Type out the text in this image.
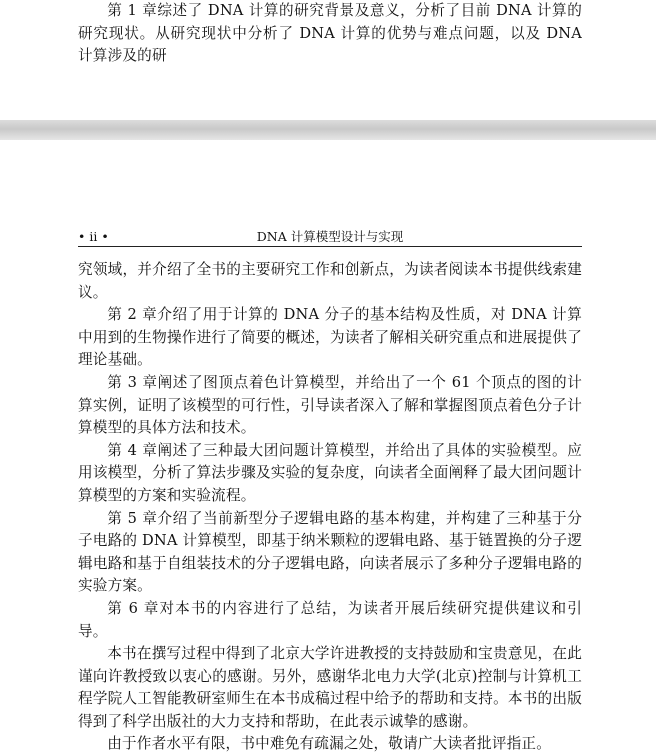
第 1 章综述了 DNA 计算的研究背景及意义，分析了目前 DNA 计算的研究现状。从研究现状中分析了 DNA 计算的优势与难点问题，以及 DNA 计算涉及的研

• ii •	DNA 计算模型设计与实现

究领域，并介绍了全书的主要研究工作和创新点，为读者阅读本书提供线索建议。

第 2 章介绍了用于计算的 DNA 分子的基本结构及性质，对 DNA 计算中用到的生物操作进行了简要的概述，为读者了解相关研究重点和进展提供了理论基础。

第 3 章阐述了图顶点着色计算模型，并给出了一个 61 个顶点的图的计算实例，证明了该模型的可行性，引导读者深入了解和掌握图顶点着色分子计算模型的具体方法和技术。

第 4 章阐述了三种最大团问题计算模型，并给出了具体的实验模型。应用该模型，分析了算法步骤及实验的复杂度，向读者全面阐释了最大团问题计算模型的方案和实验流程。

第 5 章介绍了当前新型分子逻辑电路的基本构建，并构建了三种基于分子电路的 DNA 计算模型，即基于纳米颗粒的逻辑电路、基于链置换的分子逻辑电路和基于自组装技术的分子逻辑电路，向读者展示了多种分子逻辑电路的实验方案。

第 6 章对本书的内容进行了总结，为读者开展后续研究提供建议和引导。

本书在撰写过程中得到了北京大学许进教授的支持鼓励和宝贵意见，在此谨向许教授致以衷心的感谢。另外，感谢华北电力大学(北京)控制与计算机工程学院人工智能教研室师生在本书成稿过程中给予的帮助和支持。本书的出版得到了科学出版社的大力支持和帮助，在此表示诚挚的感谢。

由于作者水平有限，书中难免有疏漏之处，敬请广大读者批评指正。
